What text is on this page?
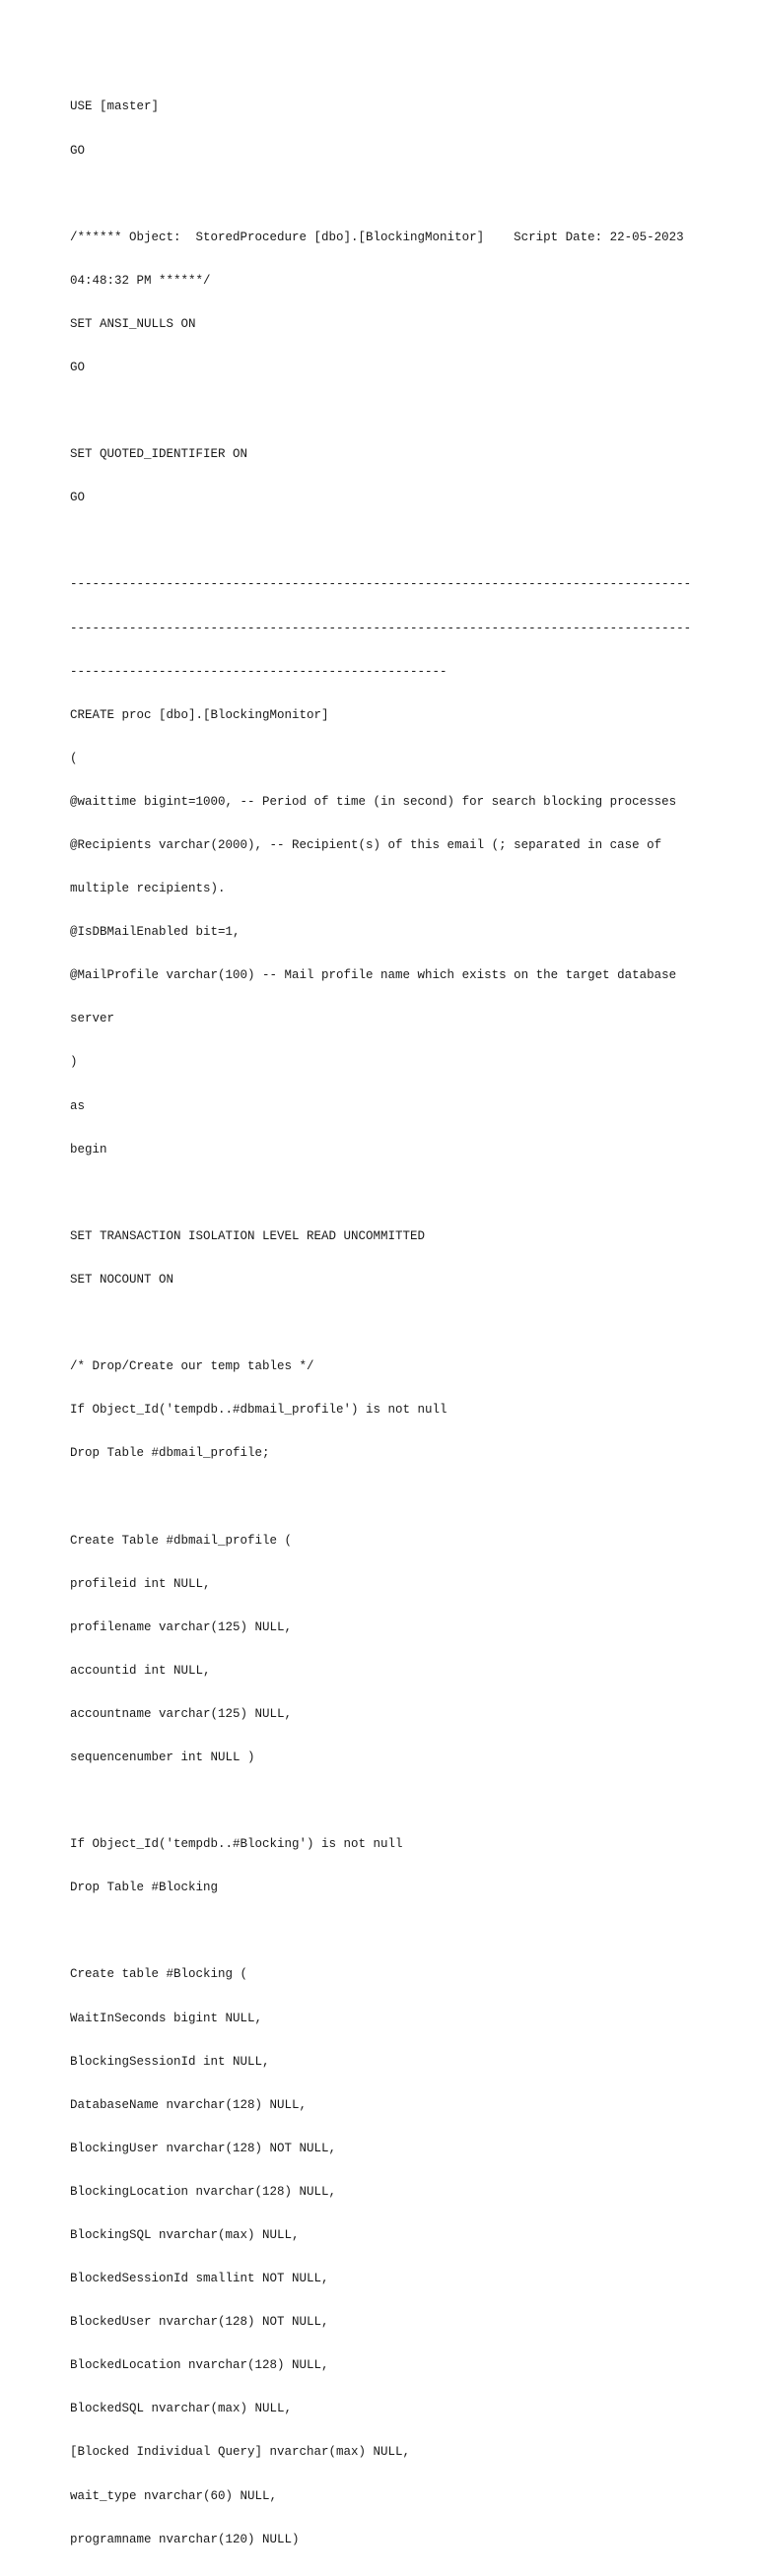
USE [master]

GO

/****** Object:  StoredProcedure [dbo].[BlockingMonitor]    Script Date: 22-05-2023

04:48:32 PM ******/

SET ANSI_NULLS ON

GO

SET QUOTED_IDENTIFIER ON

GO

------------------------------------------------------------------------------------

------------------------------------------------------------------------------------

---------------------------------------------------

CREATE proc [dbo].[BlockingMonitor]

(

@waittime bigint=1000, -- Period of time (in second) for search blocking processes

@Recipients varchar(2000), -- Recipient(s) of this email (; separated in case of

multiple recipients).

@IsDBMailEnabled bit=1,

@MailProfile varchar(100) -- Mail profile name which exists on the target database

server

)

as

begin

SET TRANSACTION ISOLATION LEVEL READ UNCOMMITTED

SET NOCOUNT ON

/* Drop/Create our temp tables */

If Object_Id('tempdb..#dbmail_profile') is not null

Drop Table #dbmail_profile;

Create Table #dbmail_profile (

profileid int NULL,

profilename varchar(125) NULL,

accountid int NULL,

accountname varchar(125) NULL,

sequencenumber int NULL )

If Object_Id('tempdb..#Blocking') is not null

Drop Table #Blocking

Create table #Blocking (

WaitInSeconds bigint NULL,

BlockingSessionId int NULL,

DatabaseName nvarchar(128) NULL,

BlockingUser nvarchar(128) NOT NULL,

BlockingLocation nvarchar(128) NULL,

BlockingSQL nvarchar(max) NULL,

BlockedSessionId smallint NOT NULL,

BlockedUser nvarchar(128) NOT NULL,

BlockedLocation nvarchar(128) NULL,

BlockedSQL nvarchar(max) NULL,

[Blocked Individual Query] nvarchar(max) NULL,

wait_type nvarchar(60) NULL,

programname nvarchar(120) NULL)
